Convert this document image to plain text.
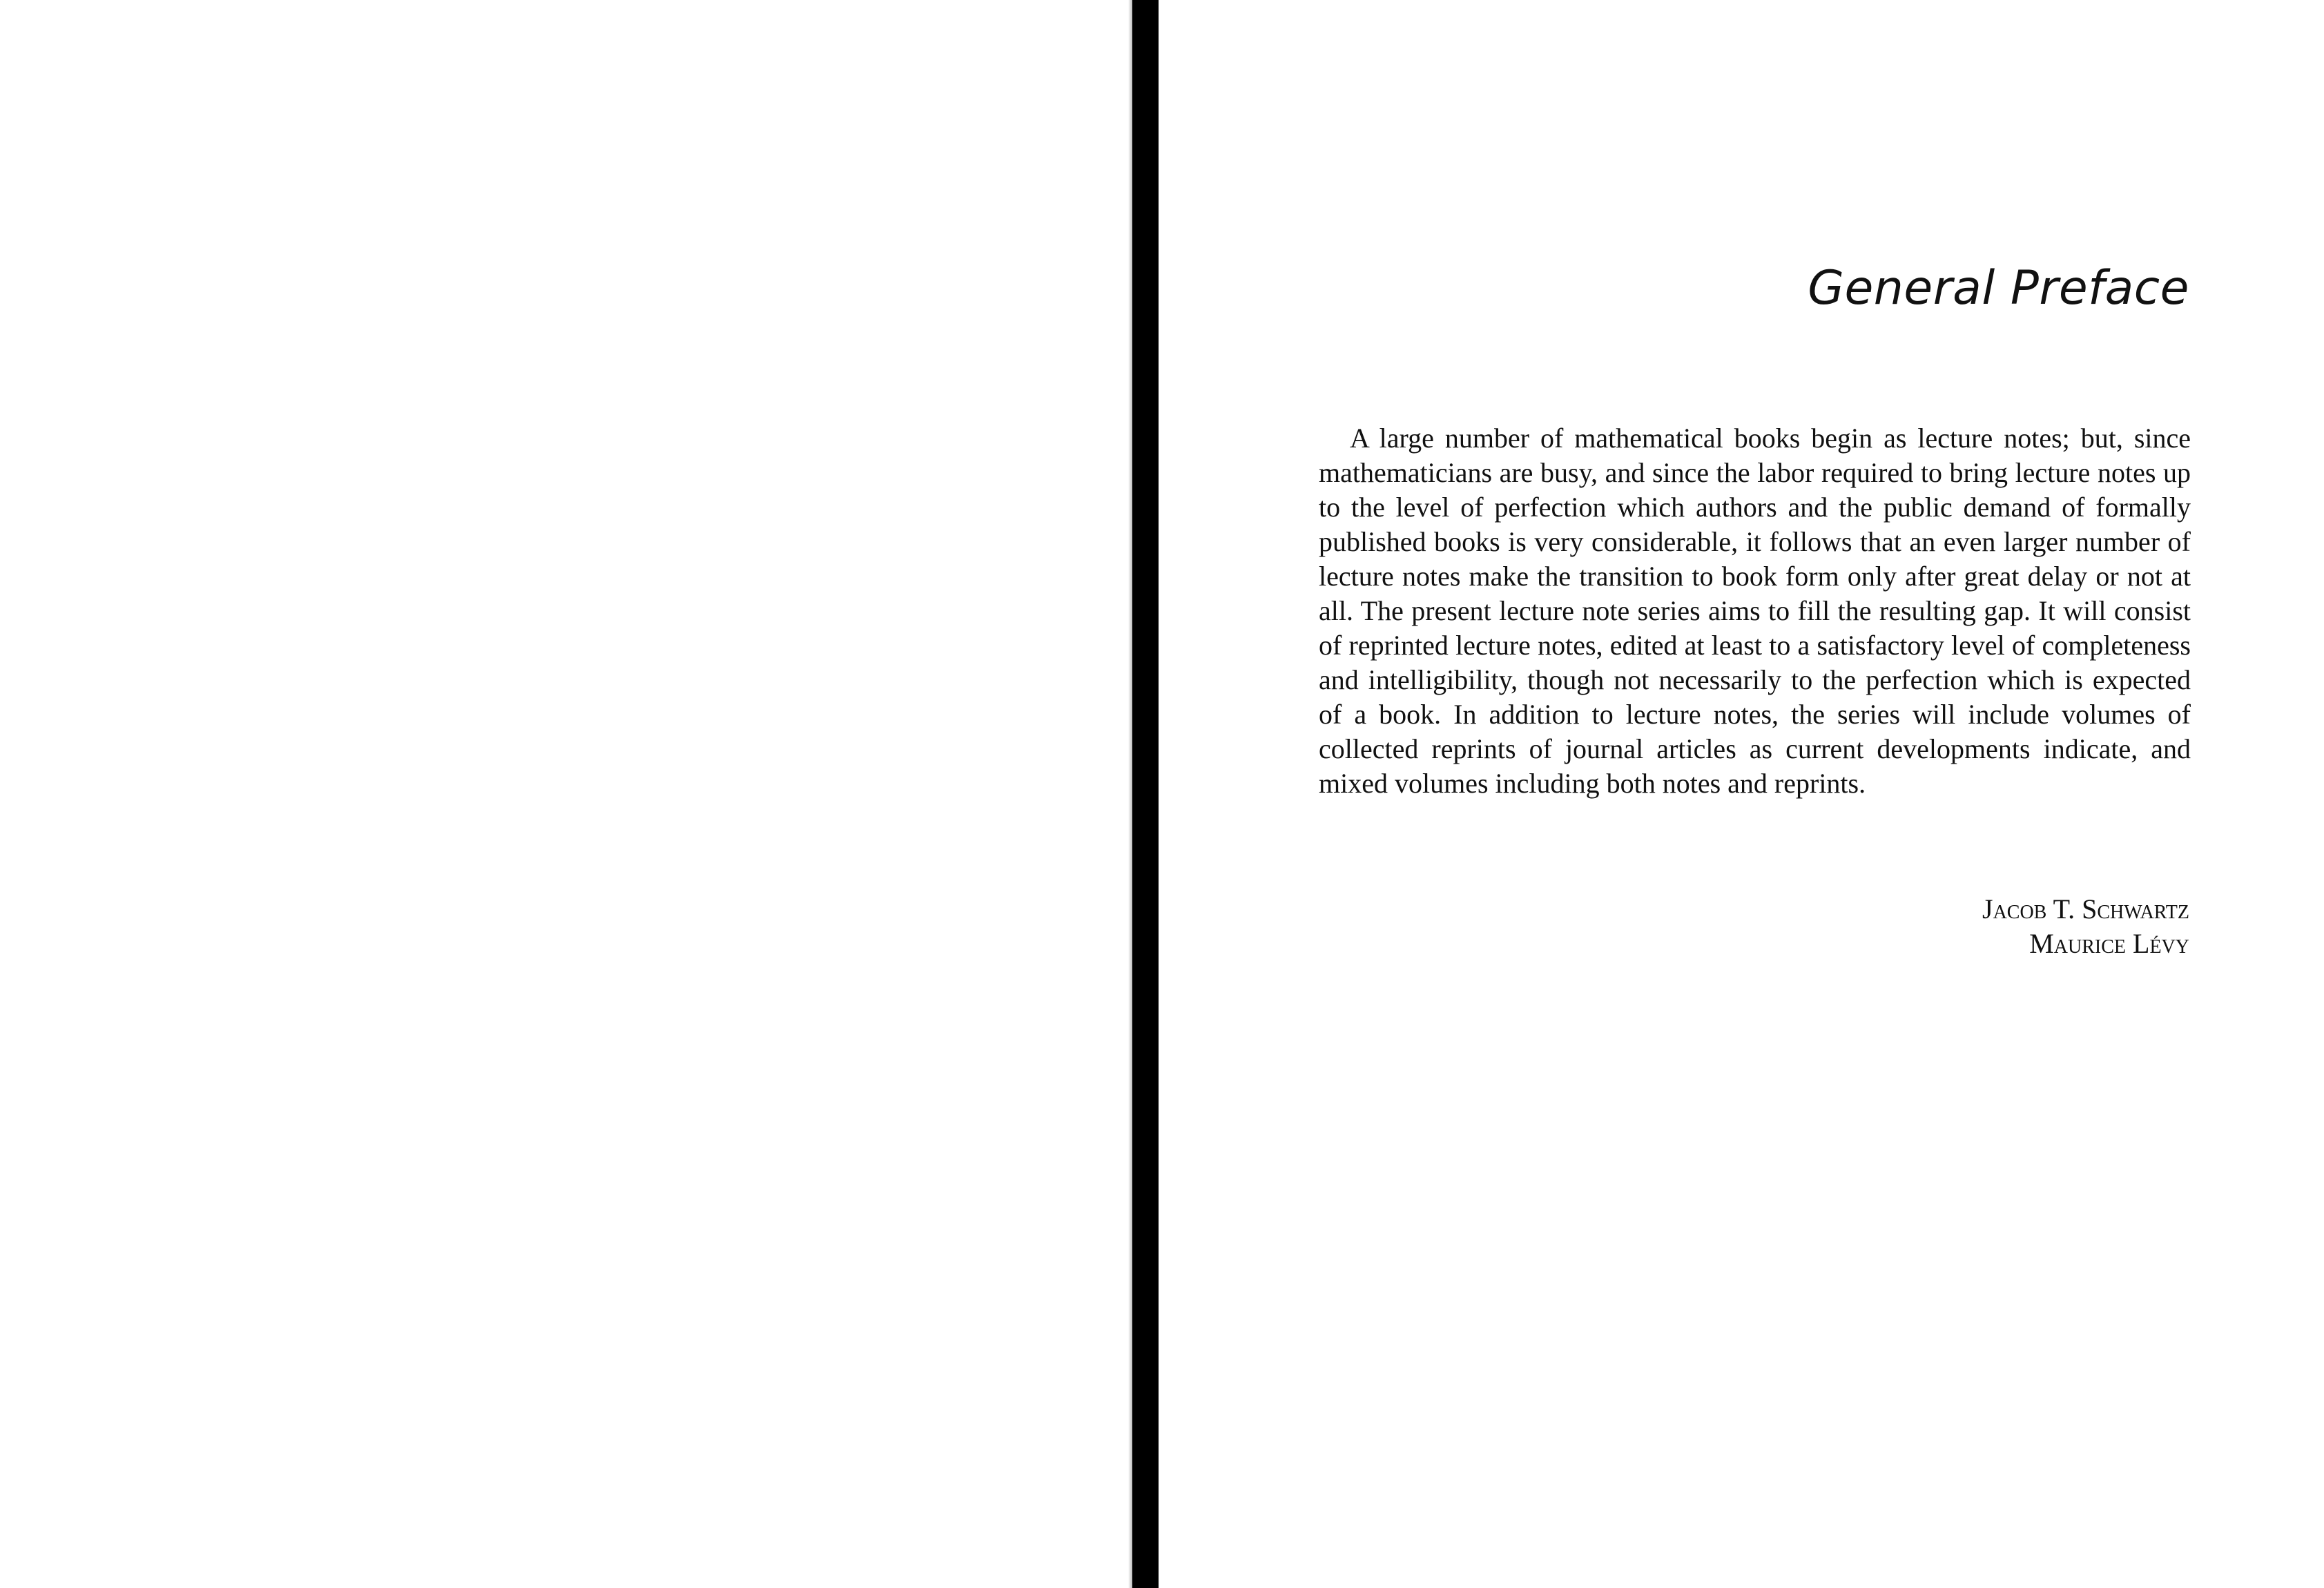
General Preface

A large number of mathematical books begin as lecture notes; but, since mathematicians are busy, and since the labor required to bring lecture notes up to the level of perfection which authors and the public demand of formally published books is very considerable, it follows that an even larger number of lecture notes make the transition to book form only after great delay or not at all. The present lecture note series aims to fill the resulting gap. It will consist of reprinted lecture notes, edited at least to a satisfactory level of completeness and intelligibility, though not necessarily to the perfection which is expected of a book. In addition to lecture notes, the series will include volumes of collected reprints of journal articles as current developments indicate, and mixed volumes including both notes and reprints.

Jacob T. Schwartz
Maurice Lévy
